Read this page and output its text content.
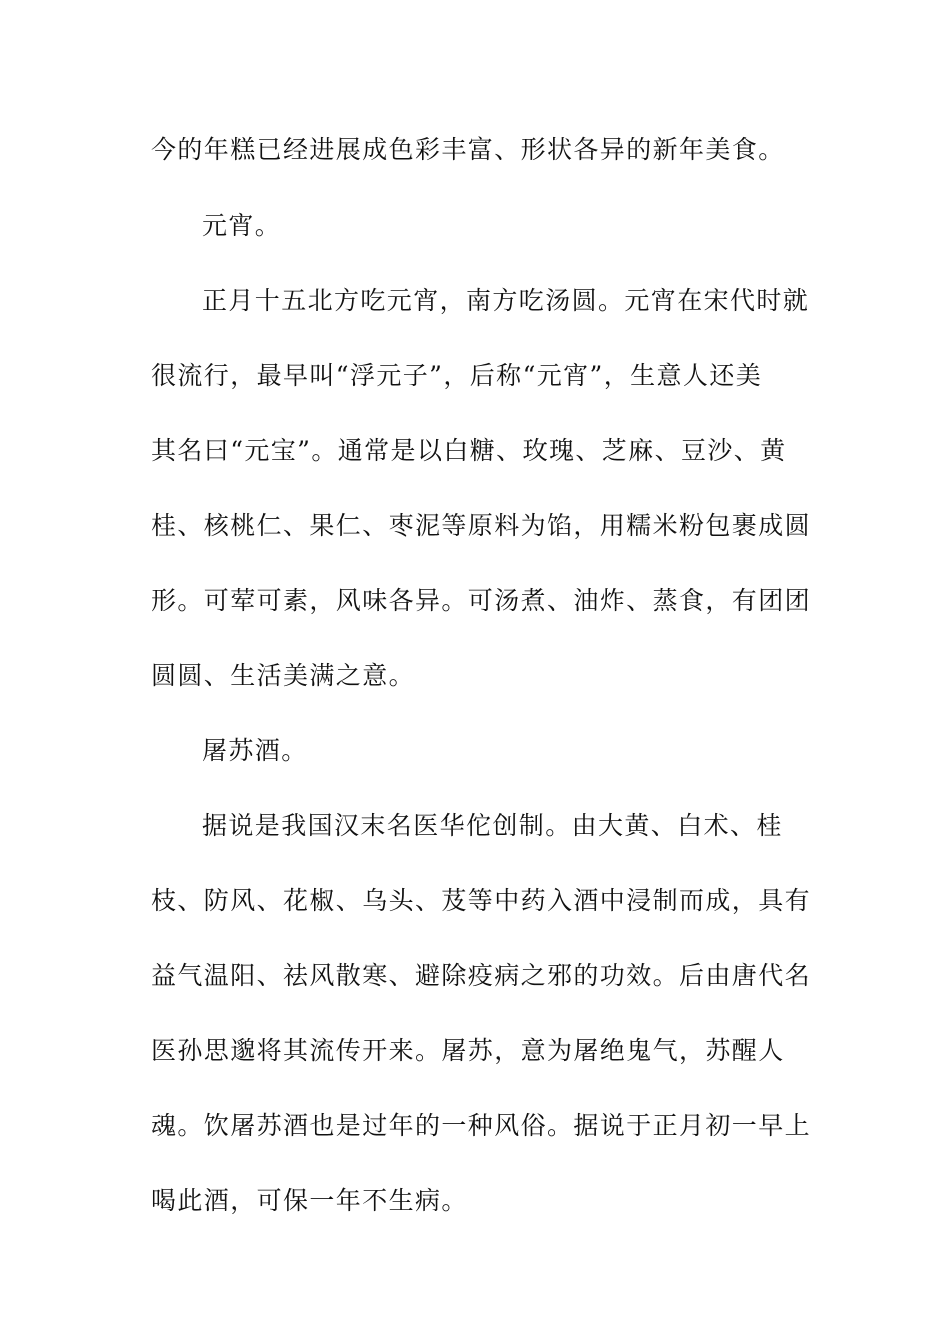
今的年糕已经进展成色彩丰富、形状各异的新年美食。
元宵。
正月十五北方吃元宵，南方吃汤圆。元宵在宋代时就
很流行，最早叫“浮元子”，后称“元宵”，生意人还美
其名曰“元宝”。通常是以白糖、玫瑰、芝麻、豆沙、黄
桂、核桃仁、果仁、枣泥等原料为馅，用糯米粉包裹成圆
形。可荤可素，风味各异。可汤煮、油炸、蒸食，有团团
圆圆、生活美满之意。
屠苏酒。
据说是我国汉末名医华佗创制。由大黄、白术、桂
枝、防风、花椒、乌头、芨等中药入酒中浸制而成，具有
益气温阳、祛风散寒、避除疫病之邪的功效。后由唐代名
医孙思邈将其流传开来。屠苏，意为屠绝鬼气，苏醒人
魂。饮屠苏酒也是过年的一种风俗。据说于正月初一早上
喝此酒，可保一年不生病。
